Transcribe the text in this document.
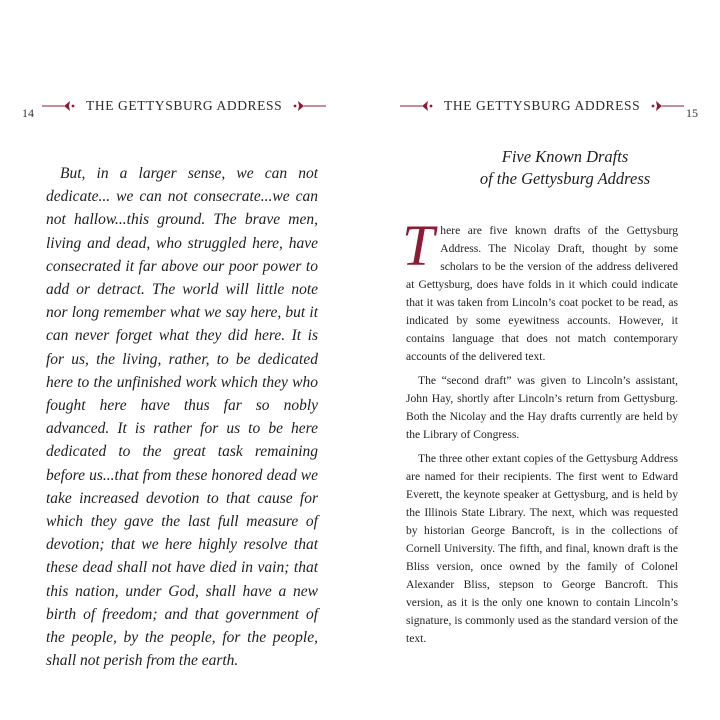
14	THE GETTYSBURG ADDRESS

But, in a larger sense, we can not dedicate... we can not consecrate...we can not hallow...this ground. The brave men, living and dead, who struggled here, have consecrated it far above our poor power to add or detract. The world will little note nor long remember what we say here, but it can never forget what they did here. It is for us, the living, rather, to be dedicated here to the unfinished work which they who fought here have thus far so nobly advanced. It is rather for us to be here dedicated to the great task remaining before us...that from these honored dead we take increased devotion to that cause for which they gave the last full measure of devotion; that we here highly resolve that these dead shall not have died in vain; that this nation, under God, shall have a new birth of freedom; and that government of the people, by the people, for the people, shall not perish from the earth.

15
THE GETTYSBURG ADDRESS
Five Known Drafts
of the Gettysburg Address

There are five known drafts of the Gettysburg Address. The Nicolay Draft, thought by some scholars to be the version of the address delivered at Gettysburg, does have folds in it which could indicate that it was taken from Lincoln’s coat pocket to be read, as indicated by some eyewitness accounts. However, it contains language that does not match contemporary accounts of the delivered text.

The “second draft” was given to Lincoln’s assistant, John Hay, shortly after Lincoln’s return from Gettysburg. Both the Nicolay and the Hay drafts currently are held by the Library of Congress.

The three other extant copies of the Gettysburg Address are named for their recipients. The first went to Edward Everett, the keynote speaker at Gettysburg, and is held by the Illinois State Library. The next, which was requested by historian George Bancroft, is in the collections of Cornell University. The fifth, and final, known draft is the Bliss version, once owned by the family of Colonel Alexander Bliss, stepson to George Bancroft. This version, as it is the only one known to contain Lincoln’s signature, is commonly used as the standard version of the text.
